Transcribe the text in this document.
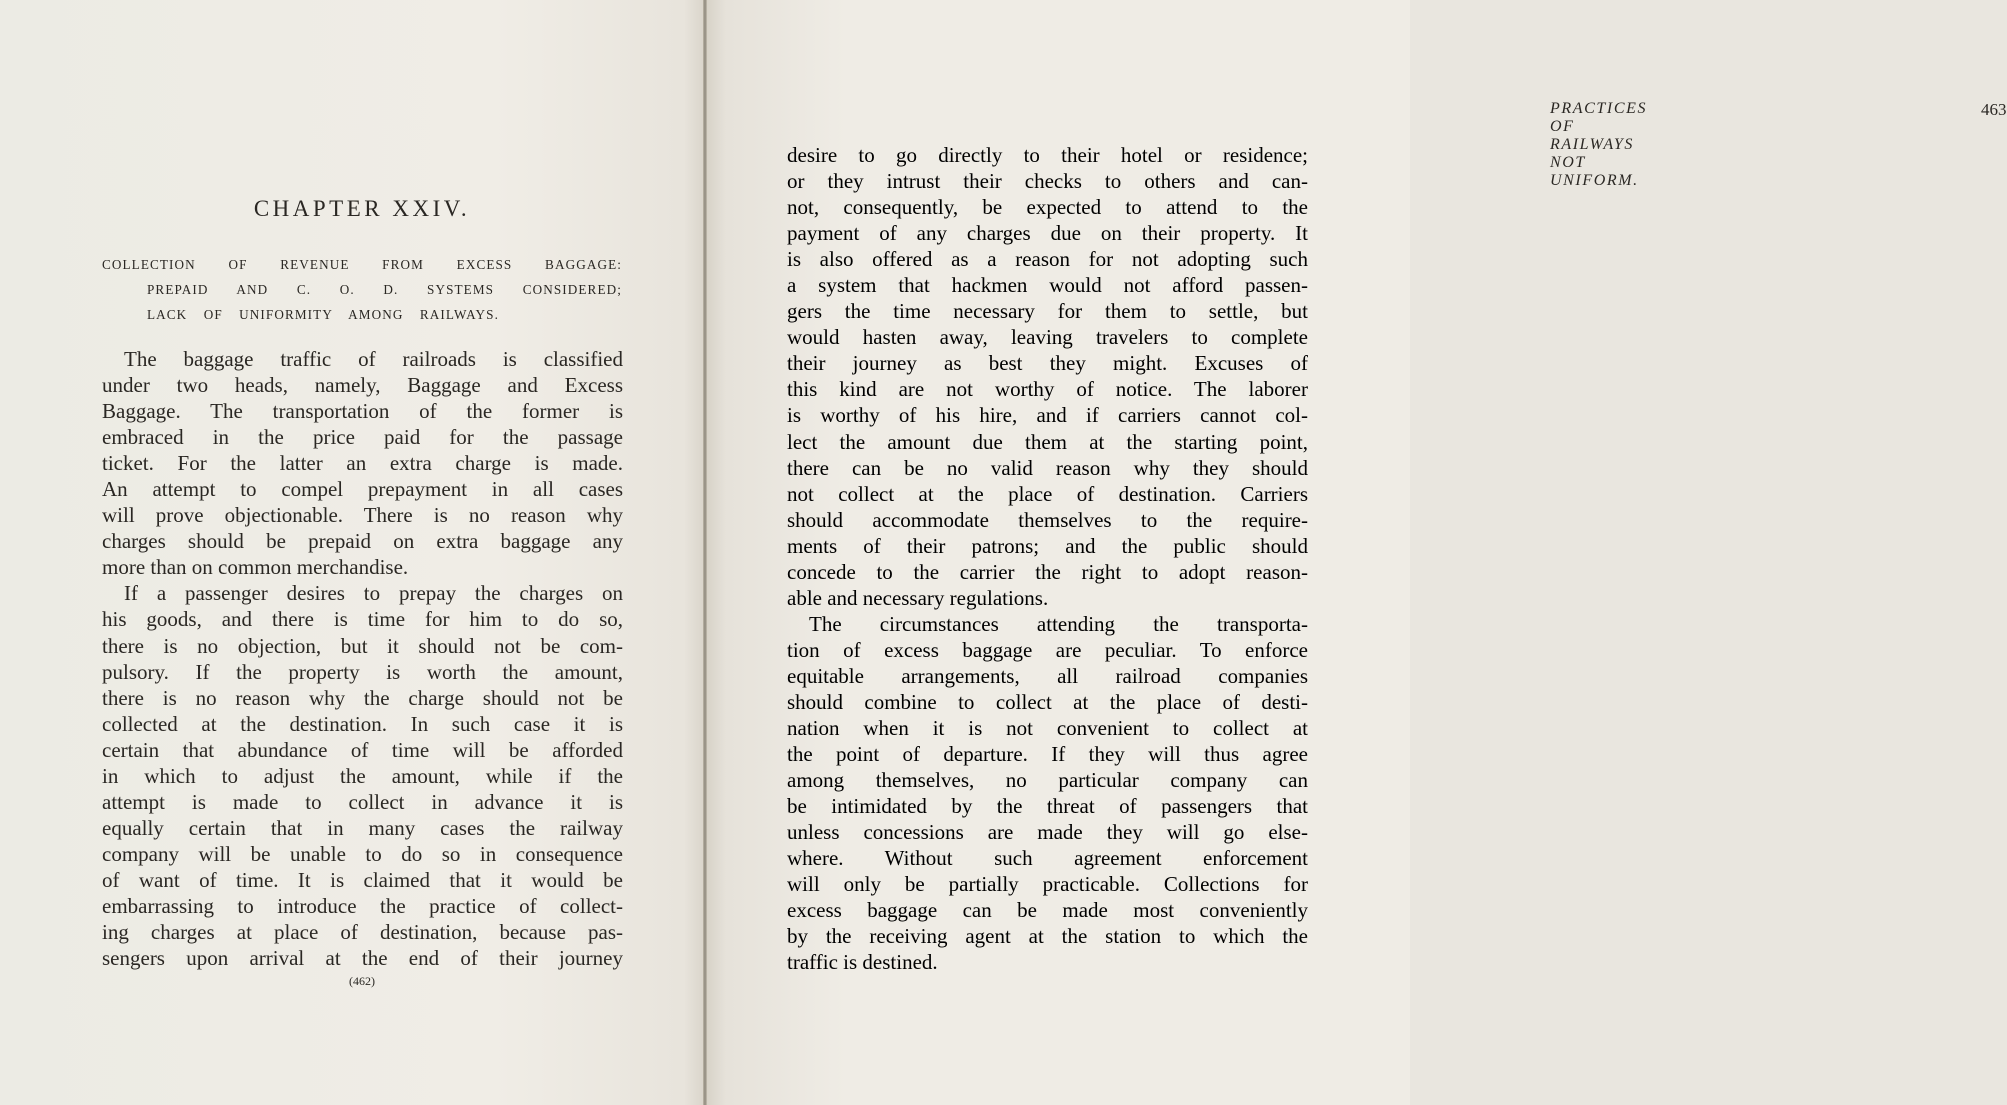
CHAPTER XXIV.
COLLECTION OF REVENUE FROM EXCESS BAGGAGE:
PREPAID AND C. O. D. SYSTEMS CONSIDERED;
LACK OF UNIFORMITY AMONG RAILWAYS.
The baggage traffic of railroads is classified
under two heads, namely, Baggage and Excess
Baggage. The transportation of the former is
embraced in the price paid for the passage
ticket. For the latter an extra charge is made.
An attempt to compel prepayment in all cases
will prove objectionable. There is no reason why
charges should be prepaid on extra baggage any
more than on common merchandise.
If a passenger desires to prepay the charges on
his goods, and there is time for him to do so,
there is no objection, but it should not be com-
pulsory. If the property is worth the amount,
there is no reason why the charge should not be
collected at the destination. In such case it is
certain that abundance of time will be afforded
in which to adjust the amount, while if the
attempt is made to collect in advance it is
equally certain that in many cases the railway
company will be unable to do so in consequence
of want of time. It is claimed that it would be
embarrassing to introduce the practice of collect-
ing charges at place of destination, because pas-
sengers upon arrival at the end of their journey

(462)

PRACTICES OF RAILWAYS NOT UNIFORM.

463

desire to go directly to their hotel or residence;
or they intrust their checks to others and can-
not, consequently, be expected to attend to the
payment of any charges due on their property. It
is also offered as a reason for not adopting such
a system that hackmen would not afford passen-
gers the time necessary for them to settle, but
would hasten away, leaving travelers to complete
their journey as best they might. Excuses of
this kind are not worthy of notice. The laborer
is worthy of his hire, and if carriers cannot col-
lect the amount due them at the starting point,
there can be no valid reason why they should
not collect at the place of destination. Carriers
should accommodate themselves to the require-
ments of their patrons; and the public should
concede to the carrier the right to adopt reason-
able and necessary regulations.
The circumstances attending the transporta-
tion of excess baggage are peculiar. To enforce
equitable arrangements, all railroad companies
should combine to collect at the place of desti-
nation when it is not convenient to collect at
the point of departure. If they will thus agree
among themselves, no particular company can
be intimidated by the threat of passengers that
unless concessions are made they will go else-
where. Without such agreement enforcement
will only be partially practicable. Collections for
excess baggage can be made most conveniently
by the receiving agent at the station to which the
traffic is destined.
